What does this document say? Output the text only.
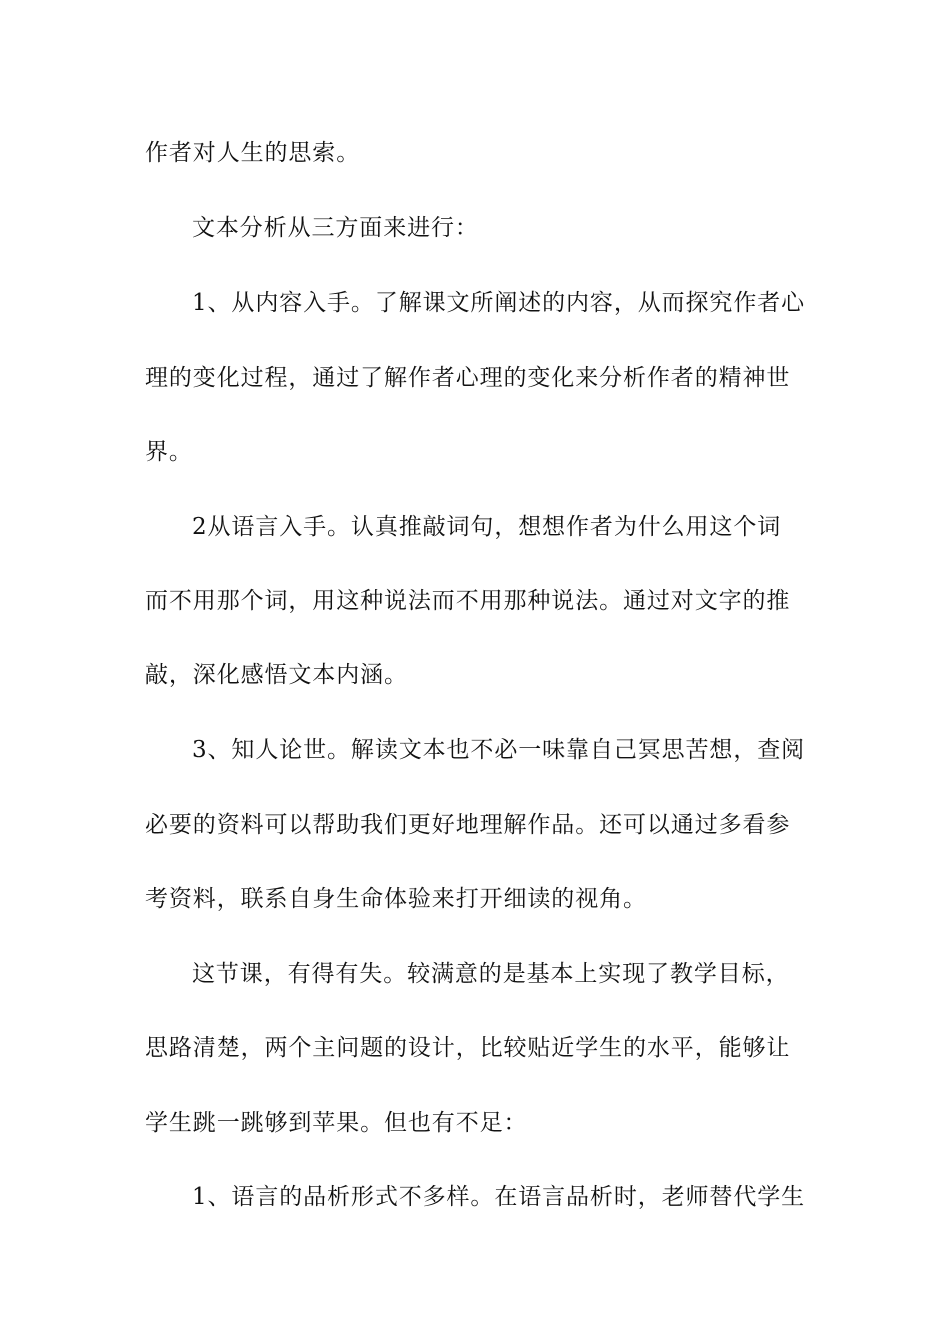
作者对人生的思索。
文本分析从三方面来进行：
1、从内容入手。了解课文所阐述的内容，从而探究作者心
理的变化过程，通过了解作者心理的变化来分析作者的精神世
界。
2从语言入手。认真推敲词句，想想作者为什么用这个词
而不用那个词，用这种说法而不用那种说法。通过对文字的推
敲，深化感悟文本内涵。
3、知人论世。解读文本也不必一味靠自己冥思苦想，查阅
必要的资料可以帮助我们更好地理解作品。还可以通过多看参
考资料，联系自身生命体验来打开细读的视角。
这节课，有得有失。较满意的是基本上实现了教学目标，
思路清楚，两个主问题的设计，比较贴近学生的水平，能够让
学生跳一跳够到苹果。但也有不足：
1、语言的品析形式不多样。在语言品析时，老师替代学生
